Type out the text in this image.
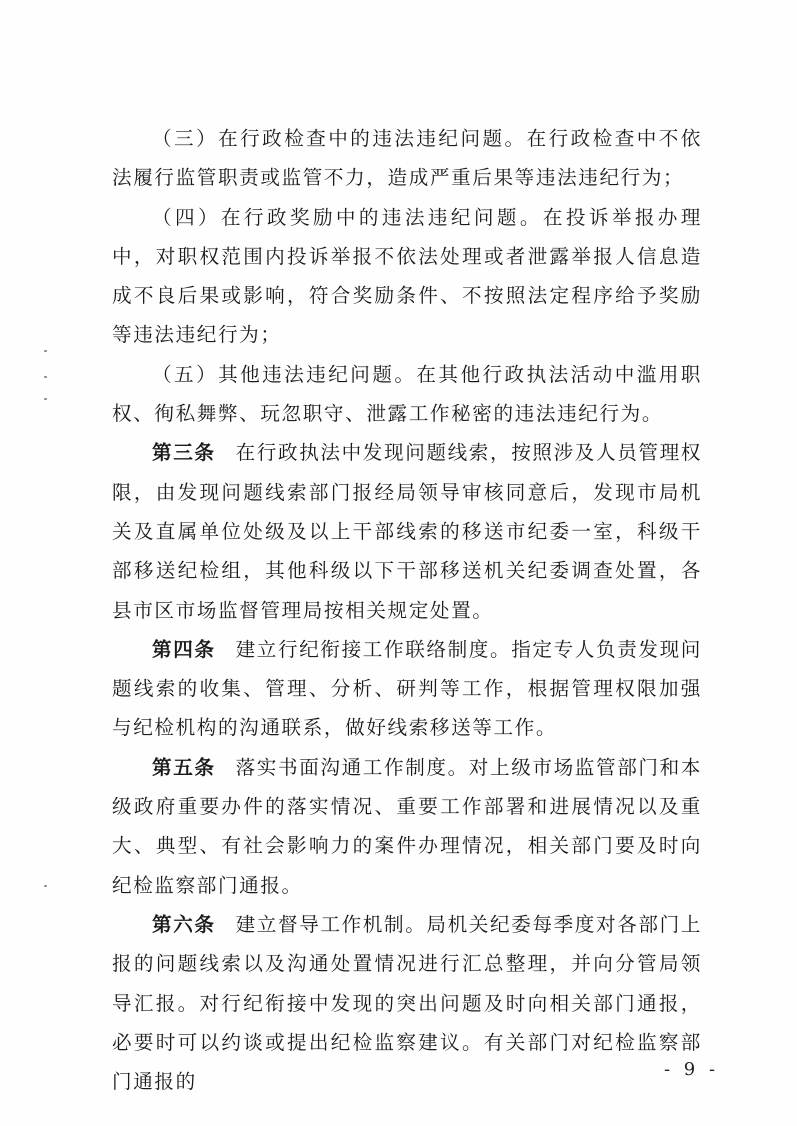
（三）在行政检查中的违法违纪问题。在行政检查中不依法履行监管职责或监管不力，造成严重后果等违法违纪行为；

（四）在行政奖励中的违法违纪问题。在投诉举报办理中，对职权范围内投诉举报不依法处理或者泄露举报人信息造成不良后果或影响，符合奖励条件、不按照法定程序给予奖励等违法违纪行为；

（五）其他违法违纪问题。在其他行政执法活动中滥用职权、徇私舞弊、玩忽职守、泄露工作秘密的违法违纪行为。

第三条 在行政执法中发现问题线索，按照涉及人员管理权限，由发现问题线索部门报经局领导审核同意后，发现市局机关及直属单位处级及以上干部线索的移送市纪委一室，科级干部移送纪检组，其他科级以下干部移送机关纪委调查处置，各县市区市场监督管理局按相关规定处置。

第四条 建立行纪衔接工作联络制度。指定专人负责发现问题线索的收集、管理、分析、研判等工作，根据管理权限加强与纪检机构的沟通联系，做好线索移送等工作。

第五条 落实书面沟通工作制度。对上级市场监管部门和本级政府重要办件的落实情况、重要工作部署和进展情况以及重大、典型、有社会影响力的案件办理情况，相关部门要及时向纪检监察部门通报。

第六条 建立督导工作机制。局机关纪委每季度对各部门上报的问题线索以及沟通处置情况进行汇总整理，并向分管局领导汇报。对行纪衔接中发现的突出问题及时向相关部门通报，必要时可以约谈或提出纪检监察建议。有关部门对纪检监察部门通报的

- 9 -
